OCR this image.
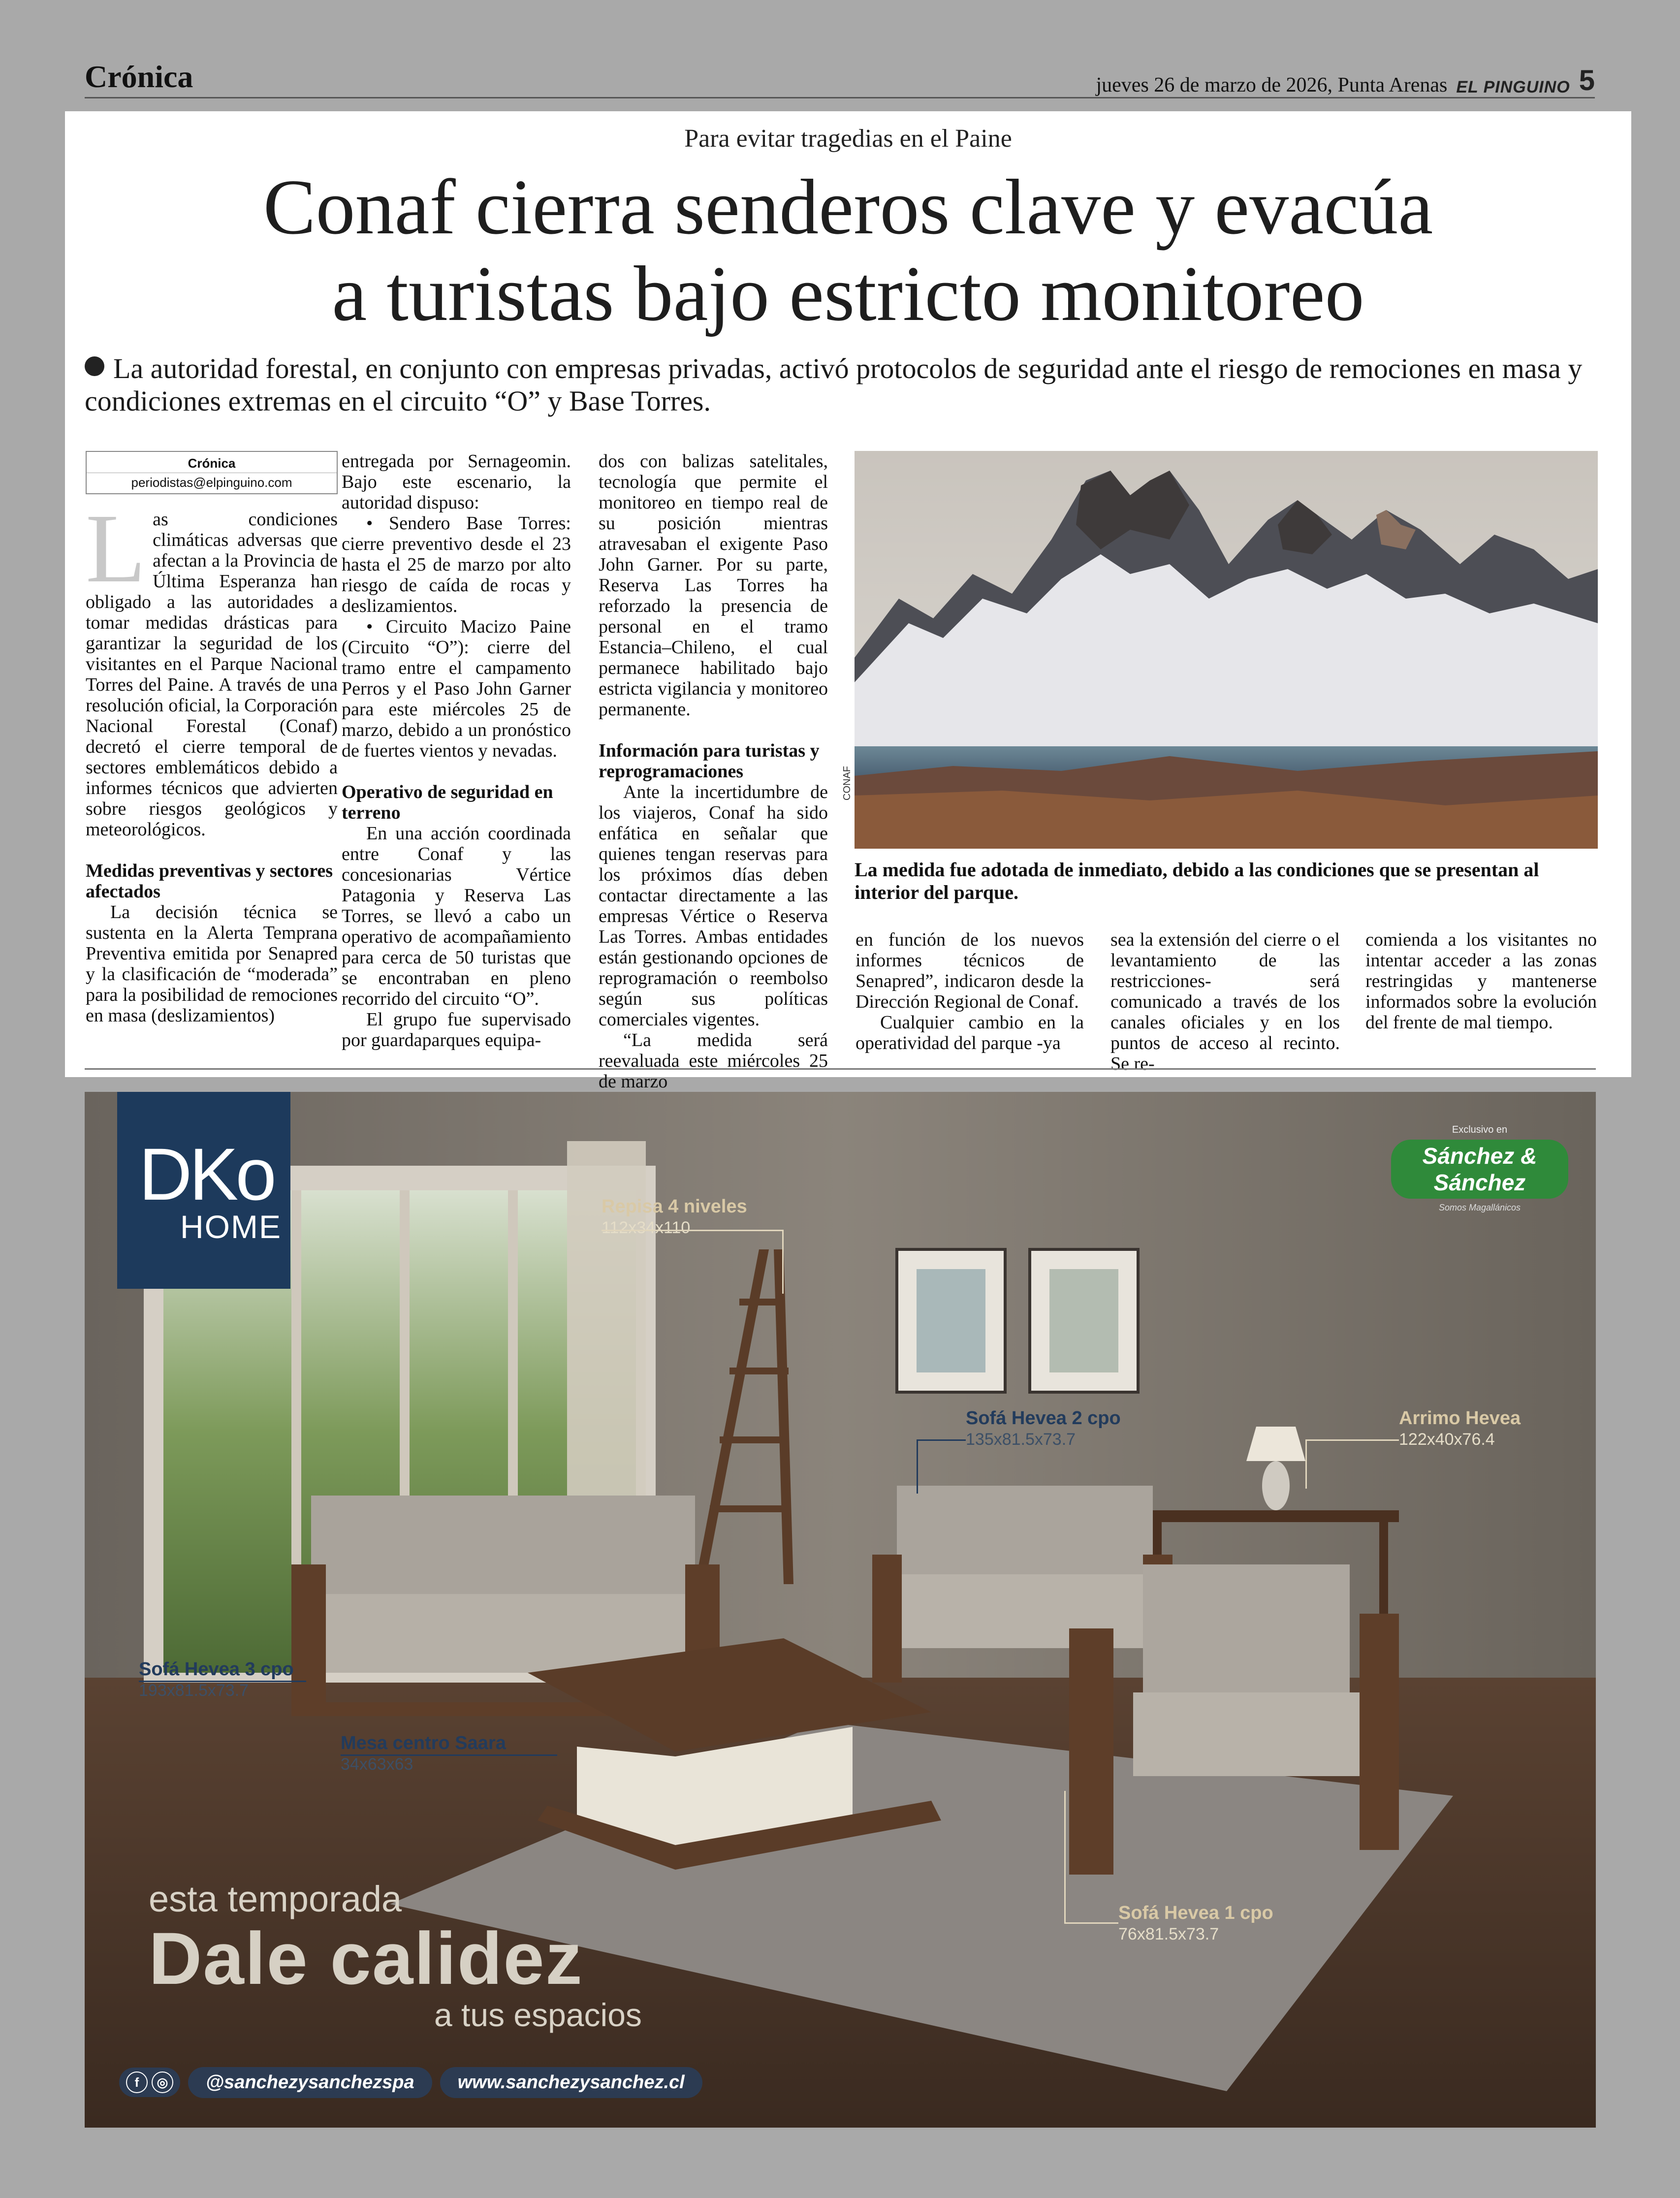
Crónica	jueves 26 de marzo de 2026, Punta Arenas EL PINGUINO 5
Para evitar tragedias en el Paine
Conaf cierra senderos clave y evacúa
a turistas bajo estricto monitoreo
La autoridad forestal, en conjunto con empresas privadas, activó protocolos de seguridad ante el riesgo de remociones en masa y condiciones extremas en el circuito “O” y Base Torres.
Crónica
periodistas@elpinguino.com

Las condiciones climáticas adversas que afectan a la Provincia de Última Esperanza han obligado a las autoridades a tomar medidas drásticas para garantizar la seguridad de los visitantes en el Parque Nacional Torres del Paine. A través de una resolución oficial, la Corporación Nacional Forestal (Conaf) decretó el cierre temporal de sectores emblemáticos debido a informes técnicos que advierten sobre riesgos geológicos y meteorológicos.

Medidas preventivas y sectores afectados

La decisión técnica se sustenta en la Alerta Temprana Preventiva emitida por Senapred y la clasificación de “moderada” para la posibilidad de remociones en masa (deslizamientos)

entregada por Sernageomin. Bajo este escenario, la autoridad dispuso:

• Sendero Base Torres: cierre preventivo desde el 23 hasta el 25 de marzo por alto riesgo de caída de rocas y deslizamientos.

• Circuito Macizo Paine (Circuito “O”): cierre del tramo entre el campamento Perros y el Paso John Garner para este miércoles 25 de marzo, debido a un pronóstico de fuertes vientos y nevadas.

Operativo de seguridad en terreno

En una acción coordinada entre Conaf y las concesionarias Vértice Patagonia y Reserva Las Torres, se llevó a cabo un operativo de acompañamiento para cerca de 50 turistas que se encontraban en pleno recorrido del circuito “O”.

El grupo fue supervisado por guardaparques equipa-

dos con balizas satelitales, tecnología que permite el monitoreo en tiempo real de su posición mientras atravesaban el exigente Paso John Garner. Por su parte, Reserva Las Torres ha reforzado la presencia de personal en el tramo Estancia–Chileno, el cual permanece habilitado bajo estricta vigilancia y monitoreo permanente.

Información para turistas y reprogramaciones

Ante la incertidumbre de los viajeros, Conaf ha sido enfática en señalar que quienes tengan reservas para los próximos días deben contactar directamente a las empresas Vértice o Reserva Las Torres. Ambas entidades están gestionando opciones de reprogramación o reembolso según sus políticas comerciales vigentes.

“La medida será reevaluada este miércoles 25 de marzo

CONAF
La medida fue adotada de inmediato, debido a las condiciones que se presentan al interior del parque.

en función de los nuevos informes técnicos de Senapred”, indicaron desde la Dirección Regional de Conaf.

Cualquier cambio en la operatividad del parque -ya

sea la extensión del cierre o el levantamiento de las restricciones- será comunicado a través de los canales oficiales y en los puntos de acceso al recinto. Se re-

comienda a los visitantes no intentar acceder a las zonas restringidas y mantenerse informados sobre la evolución del frente de mal tiempo.

DKo
HOME
Exclusivo en
Sánchez & Sánchez
Somos Magallánicos
Repisa 4 niveles
112x34x110
Sofá Hevea 2 cpo
135x81.5x73.7
Arrimo Hevea
122x40x76.4
Sofá Hevea 3 cpo
193x81.5x73.7
Mesa centro Saara
34x63x63
Sofá Hevea 1 cpo
76x81.5x73.7
esta temporada
Dale calidez
a tus espacios
f	◎	@sanchezysanchezspa	www.sanchezysanchez.cl
